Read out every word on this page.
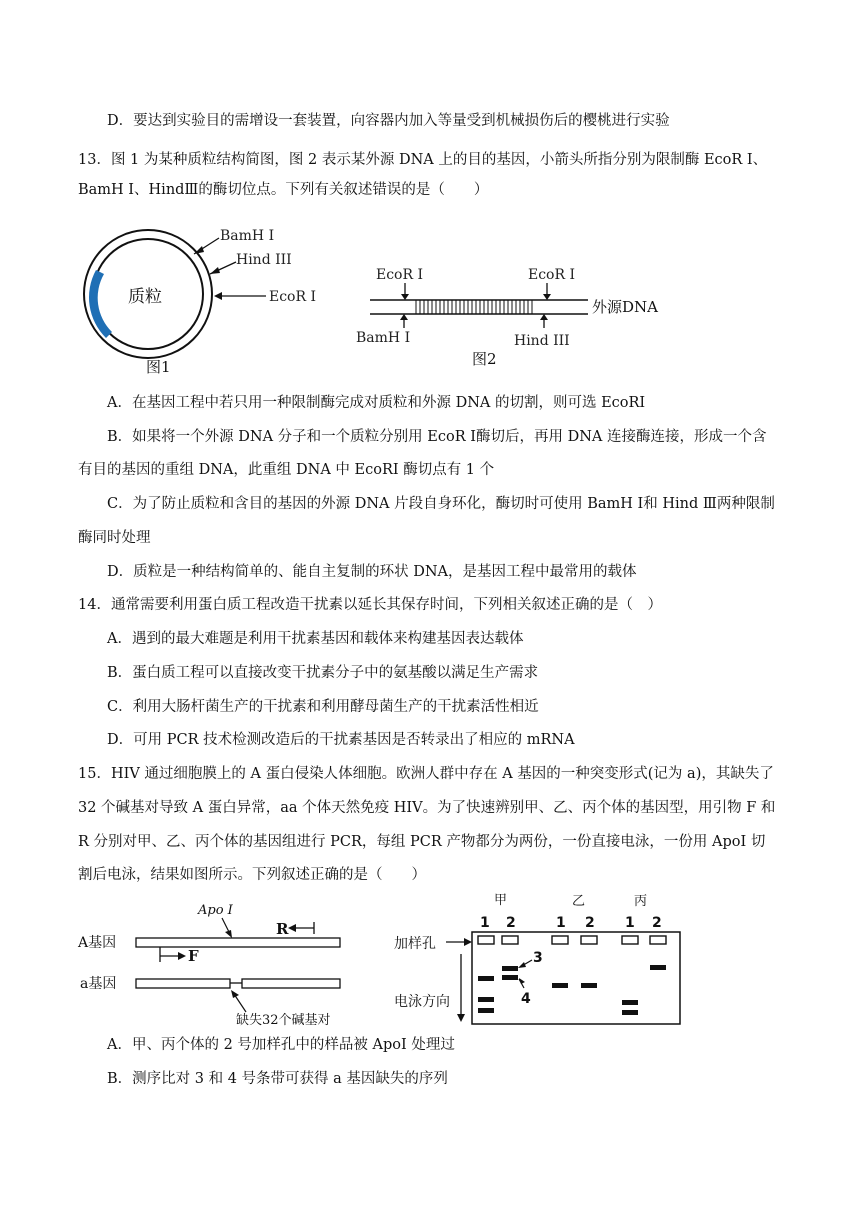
D．要达到实验目的需增设一套装置，向容器内加入等量受到机械损伤后的樱桃进行实验
13．图 1 为某种质粒结构简图，图 2 表示某外源 DNA 上的目的基因，小箭头所指分别为限制酶 EcoR Ⅰ、
BamH Ⅰ、HindⅢ的酶切位点。下列有关叙述错误的是（　　）
质粒
BamH I
Hind III
EcoR I
图1
EcoR I	EcoR I
外源DNA
BamH I	Hind III
图2
A．在基因工程中若只用一种限制酶完成对质粒和外源 DNA 的切割，则可选 EcoRI
B．如果将一个外源 DNA 分子和一个质粒分别用 EcoR Ⅰ酶切后，再用 DNA 连接酶连接，形成一个含
有目的基因的重组 DNA，此重组 DNA 中 EcoRI 酶切点有 1 个
C．为了防止质粒和含目的基因的外源 DNA 片段自身环化，酶切时可使用 BamH Ⅰ和 Hind Ⅲ两种限制
酶同时处理
D．质粒是一种结构简单的、能自主复制的环状 DNA，是基因工程中最常用的载体
14．通常需要利用蛋白质工程改造干扰素以延长其保存时间，下列相关叙述正确的是（　）
A．遇到的最大难题是利用干扰素基因和载体来构建基因表达载体
B．蛋白质工程可以直接改变干扰素分子中的氨基酸以满足生产需求
C．利用大肠杆菌生产的干扰素和利用酵母菌生产的干扰素活性相近
D．可用 PCR 技术检测改造后的干扰素基因是否转录出了相应的 mRNA
15．HIV 通过细胞膜上的 A 蛋白侵染人体细胞。欧洲人群中存在 A 基因的一种突变形式(记为 a)，其缺失了
32 个碱基对导致 A 蛋白异常，aa 个体天然免疫 HIV。为了快速辨别甲、乙、丙个体的基因型，用引物 F 和
R 分别对甲、乙、丙个体的基因组进行 PCR，每组 PCR 产物都分为两份，一份直接电泳，一份用 ApoI 切
割后电泳，结果如图所示。下列叙述正确的是（　　）
Apo I
R
A基因
F
a基因
缺失32个碱基对
甲	乙	丙
1 2	1 2 1 2
加样孔
3
4
电泳方向
A．甲、丙个体的 2 号加样孔中的样品被 ApoI 处理过
B．测序比对 3 和 4 号条带可获得 a 基因缺失的序列
